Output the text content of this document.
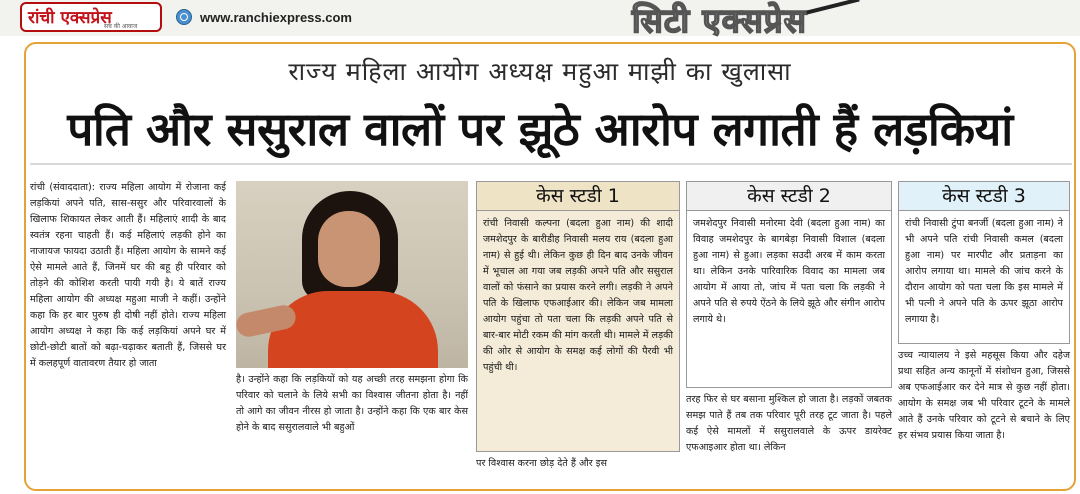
रांची एक्सप्रेस
सच की आवाज
www.ranchiexpress.com	सिटी एक्सप्रेस
राज्य महिला आयोग अध्यक्ष महुआ माझी का खुलासा
पति और ससुराल वालों पर झूठे आरोप लगाती हैं लड़कियां
रांची (संवाददाता): राज्य महिला आयोग में रोजाना कई लड़कियां अपने पति, सास-ससुर और परिवारवालों के खिलाफ शिकायत लेकर आती हैं। महिलाएं शादी के बाद स्वतंत्र रहना चाहती हैं। कई महिलाएं लड़की होने का नाजायज फायदा उठाती हैं। महिला आयोग के सामने कई ऐसे मामले आते हैं, जिनमें घर की बहू ही परिवार को तोड़ने की कोशिश करती पायी गयी है। ये बातें राज्य महिला आयोग की अध्यक्ष महुआ माजी ने कहीं। उन्होंने कहा कि हर बार पुरुष ही दोषी नहीं होते। राज्य महिला आयोग अध्यक्ष ने कहा कि कई लड़कियां अपने घर में छोटी-छोटी बातों को बढ़ा-चढ़ाकर बताती हैं, जिससे घर में कलहपूर्ण वातावरण तैयार हो जाता
है। उन्होंने कहा कि लड़कियों को यह अच्छी तरह समझना होगा कि परिवार को चलाने के लिये सभी का विश्वास जीतना होता है। नहीं तो आगे का जीवन नीरस हो जाता है। उन्होंने कहा कि एक बार केस होने के बाद ससुरालवाले भी बहुओं
केस स्टडी 1
रांची निवासी कल्पना (बदला हुआ नाम) की शादी जमशेदपुर के बारीडीह निवासी मलय राय (बदला हुआ नाम) से हुई थी। लेकिन कुछ ही दिन बाद उनके जीवन में भूचाल आ गया जब लड़की अपने पति और ससुराल वालों को फंसाने का प्रयास करने लगी। लड़की ने अपने पति के खिलाफ एफआईआर की। लेकिन जब मामला आयोग पहुंचा तो पता चला कि लड़की अपने पति से बार-बार मोटी रकम की मांग करती थी। मामले में लड़की की ओर से आयोग के समक्ष कई लोगों की पैरवी भी पहुंची थी।
पर विश्वास करना छोड़ देते हैं और इस
केस स्टडी 2
जमशेदपुर निवासी मनोरमा देवी (बदला हुआ नाम) का विवाह जमशेदपुर के बागबेड़ा निवासी विशाल (बदला हुआ नाम) से हुआ। लड़का सउदी अरब में काम करता था। लेकिन उनके पारिवारिक विवाद का मामला जब आयोग में आया तो, जांच में पता चला कि लड़की ने अपने पति से रुपये ऐंठने के लिये झूठे और संगीन आरोप लगाये थे।
तरह फिर से घर बसाना मुश्किल हो जाता है। लड़कों जबतक समझ पाते हैं तब तक परिवार पूरी तरह टूट जाता है। पहले कई ऐसे मामलों में ससुरालवाले के ऊपर डायरेक्ट एफआइआर होता था। लेकिन
केस स्टडी 3
रांची निवासी टुंपा बनर्जी (बदला हुआ नाम) ने भी अपने पति रांची निवासी कमल (बदला हुआ नाम) पर मारपीट और प्रताड़ना का आरोप लगाया था। मामले की जांच करने के दौरान आयोग को पता चला कि इस मामले में भी पत्नी ने अपने पति के ऊपर झूठा आरोप लगाया है।
उच्च न्यायालय ने इसे महसूस किया और दहेज प्रथा सहित अन्य कानूनों में संशोधन हुआ, जिससे अब एफआईआर कर देने मात्र से कुछ नहीं होता। आयोग के समक्ष जब भी परिवार टूटने के मामले आते हैं उनके परिवार को टूटने से बचाने के लिए हर संभव प्रयास किया जाता है।
